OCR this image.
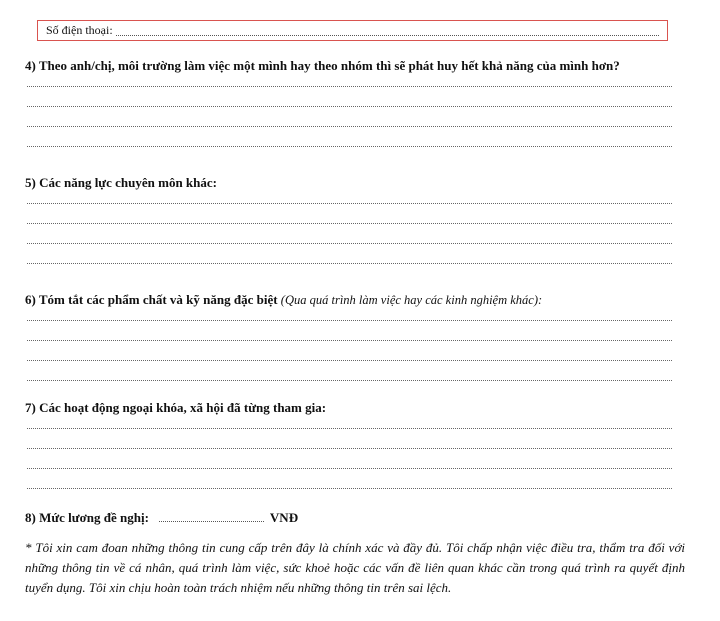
Số điện thoại:
4) Theo anh/chị, môi trường làm việc một mình hay theo nhóm thì sẽ phát huy hết khả năng của mình hơn?
5) Các năng lực chuyên môn khác:
6) Tóm tắt các phẩm chất và kỹ năng đặc biệt (Qua quá trình làm việc hay các kinh nghiệm khác):
7) Các hoạt động ngoại khóa, xã hội đã từng tham gia:
8) Mức lương đề nghị:	VNĐ
* Tôi xin cam đoan những thông tin cung cấp trên đây là chính xác và đầy đủ. Tôi chấp nhận việc điều tra, thẩm tra đối với những thông tin về cá nhân, quá trình làm việc, sức khoẻ hoặc các vấn đề liên quan khác cần trong quá trình ra quyết định tuyển dụng. Tôi xin chịu hoàn toàn trách nhiệm nếu những thông tin trên sai lệch.
